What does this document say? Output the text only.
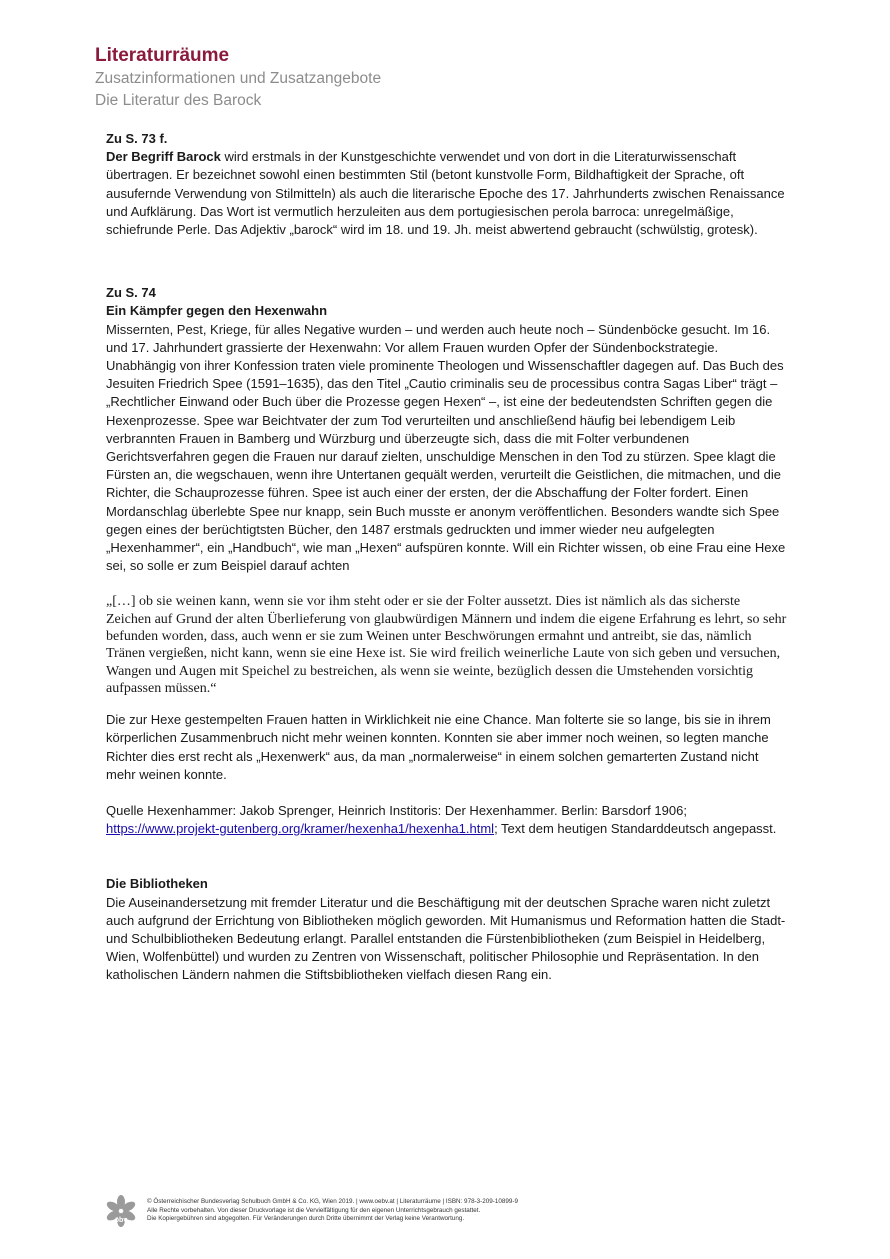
Literaturräume
Zusatzinformationen und Zusatzangebote
Die Literatur des Barock

Zu S. 73 f.

Der Begriff Barock wird erstmals in der Kunstgeschichte verwendet und von dort in die Literaturwissenschaft übertragen. Er bezeichnet sowohl einen bestimmten Stil (betont kunstvolle Form, Bildhaftigkeit der Sprache, oft ausufernde Verwendung von Stilmitteln) als auch die literarische Epoche des 17. Jahrhunderts zwischen Renaissance und Aufklärung. Das Wort ist vermutlich herzuleiten aus dem portugiesischen perola barroca: unregelmäßige, schiefrunde Perle. Das Adjektiv „barock“ wird im 18. und 19. Jh. meist abwertend gebraucht (schwülstig, grotesk).

Zu S. 74

Ein Kämpfer gegen den Hexenwahn

Missernten, Pest, Kriege, für alles Negative wurden – und werden auch heute noch – Sündenböcke gesucht. Im 16. und 17. Jahrhundert grassierte der Hexenwahn: Vor allem Frauen wurden Opfer der Sündenbockstrategie. Unabhängig von ihrer Konfession traten viele prominente Theologen und Wissenschaftler dagegen auf. Das Buch des Jesuiten Friedrich Spee (1591–1635), das den Titel „Cautio criminalis seu de processibus contra Sagas Liber“ trägt – „Rechtlicher Einwand oder Buch über die Prozesse gegen Hexen“ –, ist eine der bedeutendsten Schriften gegen die Hexenprozesse. Spee war Beichtvater der zum Tod verurteilten und anschließend häufig bei lebendigem Leib verbrannten Frauen in Bamberg und Würzburg und überzeugte sich, dass die mit Folter verbundenen Gerichtsverfahren gegen die Frauen nur darauf zielten, unschuldige Menschen in den Tod zu stürzen. Spee klagt die Fürsten an, die wegschauen, wenn ihre Untertanen gequält werden, verurteilt die Geistlichen, die mitmachen, und die Richter, die Schauprozesse führen. Spee ist auch einer der ersten, der die Abschaffung der Folter fordert. Einen Mordanschlag überlebte Spee nur knapp, sein Buch musste er anonym veröffentlichen. Besonders wandte sich Spee gegen eines der berüchtigtsten Bücher, den 1487 erstmals gedruckten und immer wieder neu aufgelegten „Hexenhammer“, ein „Handbuch“, wie man „Hexen“ aufspüren konnte. Will ein Richter wissen, ob eine Frau eine Hexe sei, so solle er zum Beispiel darauf achten

„[…] ob sie weinen kann, wenn sie vor ihm steht oder er sie der Folter aussetzt. Dies ist nämlich als das sicherste Zeichen auf Grund der alten Überlieferung von glaubwürdigen Männern und indem die eigene Erfahrung es lehrt, so sehr befunden worden, dass, auch wenn er sie zum Weinen unter Beschwörungen ermahnt und antreibt, sie das, nämlich Tränen vergießen, nicht kann, wenn sie eine Hexe ist. Sie wird freilich weinerliche Laute von sich geben und versuchen, Wangen und Augen mit Speichel zu bestreichen, als wenn sie weinte, bezüglich dessen die Umstehenden vorsichtig aufpassen müssen.“

Die zur Hexe gestempelten Frauen hatten in Wirklichkeit nie eine Chance. Man folterte sie so lange, bis sie in ihrem körperlichen Zusammenbruch nicht mehr weinen konnten. Konnten sie aber immer noch weinen, so legten manche Richter dies erst recht als „Hexenwerk“ aus, da man „normalerweise“ in einem solchen gemarterten Zustand nicht mehr weinen konnte.

Quelle Hexenhammer: Jakob Sprenger, Heinrich Institoris: Der Hexenhammer. Berlin: Barsdorf 1906; https://www.projekt-gutenberg.org/kramer/hexenha1/hexenha1.html; Text dem heutigen Standarddeutsch angepasst.

Die Bibliotheken

Die Auseinandersetzung mit fremder Literatur und die Beschäftigung mit der deutschen Sprache waren nicht zuletzt auch aufgrund der Errichtung von Bibliotheken möglich geworden. Mit Humanismus und Reformation hatten die Stadt- und Schulbibliotheken Bedeutung erlangt. Parallel entstanden die Fürstenbibliotheken (zum Beispiel in Heidelberg, Wien, Wolfenbüttel) und wurden zu Zentren von Wissenschaft, politischer Philosophie und Repräsentation. In den katholischen Ländern nahmen die Stiftsbibliotheken vielfach diesen Rang ein.

öbv
© Österreichischer Bundesverlag Schulbuch GmbH & Co. KG, Wien 2019. | www.oebv.at | Literaturräume | ISBN: 978-3-209-10899-9
Alle Rechte vorbehalten. Von dieser Druckvorlage ist die Vervielfältigung für den eigenen Unterrichtsgebrauch gestattet.
Die Kopiergebühren sind abgegolten. Für Veränderungen durch Dritte übernimmt der Verlag keine Verantwortung.
